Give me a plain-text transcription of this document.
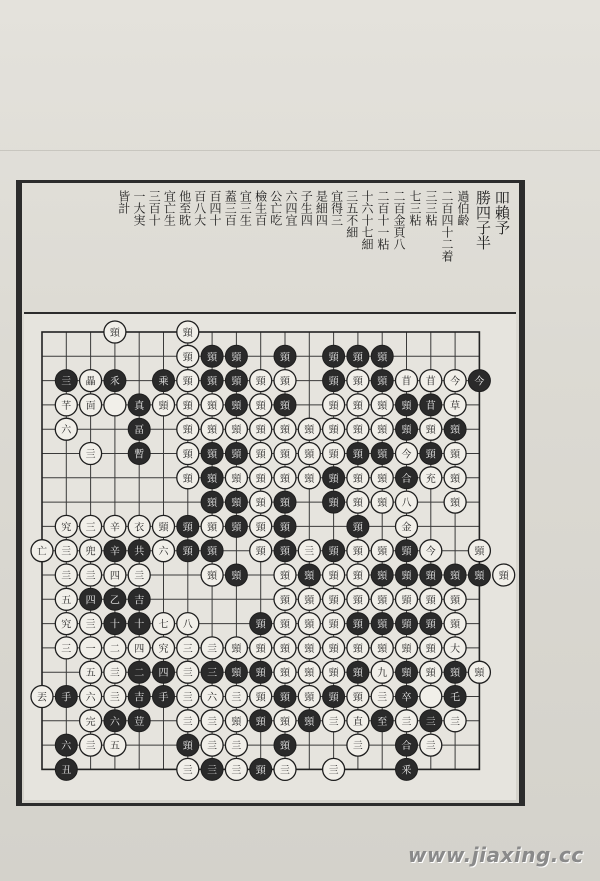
吅賴予
勝四子半
過伯齡
二百四十二着
三三粘
七三粘
二百金頁八
二百十一粘
十六十七細
三五不細
宜得三
是細四
子生四
六四宜
公亡吃
檢生百
宜三生
蓋三百
百四十
百八大
他至眈
宜亡生
三百十
一大実
皆計
頸	頸
頸
畾
靣
芊
六
亖
頸
頸
頸
頸
頸
頸
頸
頸
頸
頸
頸
頸
頸
頸
頸
頸
頸
頸
頸
頸
頸
頸
頸
頸
頸
頸
頸
頸
頸
頸
頸
頸
頸
頸
頸
頸
苜
今
八
苜
頸
充
金
今
草
頸
頸
頸
究 三
亡 亖 兜
辛 衣 頸
六
頸
頸	亖	頸 頸
亖 亖 四 亖	頸	頸	頸 頸
今	頸
頸
五
亖	七 八
頸 頸 頸 頸 頸 頸 頸 頸
頸 頸 頸	頸
究
三 一 二 四 究 三 亖 頸 頸 頸 頸 頸 頸 頸 頸 頸 大
五 亖	亖	頸 頸 頸	九	頸	頸
丟	六 亖	亖 六 亖 頸	頸	頸 亖
完	亖 亖 頸	頸	亖 直	亖	亖
亖 五	亖 亖	亖	亖
亖	亖
亖	亖
亖	乑
真
畐
暫
乘
頸
頸
頸
頸
頸
頸
頸
頸
頸
頸
頸
頸
頸
頸
頸
頸
頸
頸
頸
頸
頸
頸
頸
頸
頸
頸
頸
合
苜
頸
頸
今
辛 共
頸
頸 頸
頸
頸
頸
頸
頸
頸
頸 頸 頸 頸
四 乙 吉
十
十	頸	頸 頸 頸 頸
二 四	三 頸 頸	頸	頸	頸
手	吉 手	頸	頸	卒	乇
六 荳	頸	頸	至	亖
六	頸	頸	合
丑	亖	頸	釆
www.jiaxing.cc
